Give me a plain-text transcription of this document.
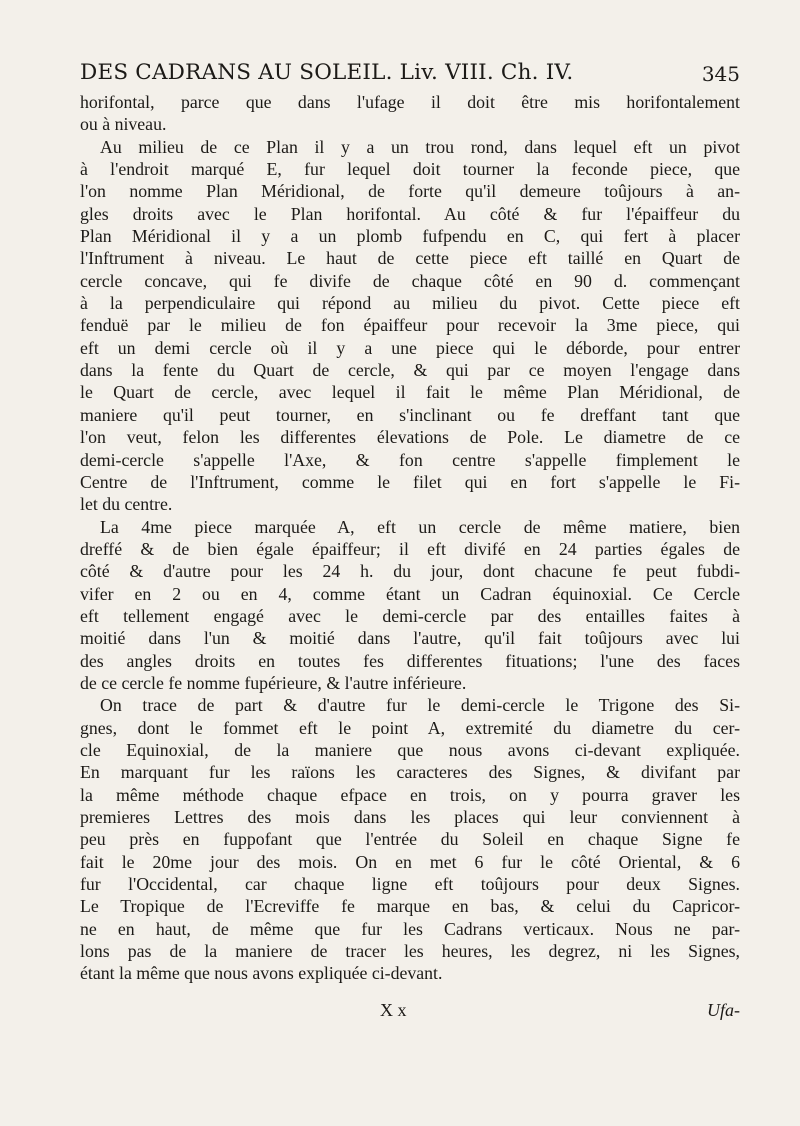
DES CADRANS AU SOLEIL. Liv. VIII. Ch. IV.	345
horifontal, parce que dans l'ufage il doit être mis horifontalement
ou à niveau.
Au milieu de ce Plan il y a un trou rond, dans lequel eft un pivot
à l'endroit marqué E, fur lequel doit tourner la feconde piece, que
l'on nomme Plan Méridional, de forte qu'il demeure toûjours à an-
gles droits avec le Plan horifontal. Au côté & fur l'épaiffeur du
Plan Méridional il y a un plomb fufpendu en C, qui fert à placer
l'Inftrument à niveau. Le haut de cette piece eft taillé en Quart de
cercle concave, qui fe divife de chaque côté en 90 d. commençant
à la perpendiculaire qui répond au milieu du pivot. Cette piece eft
fenduë par le milieu de fon épaiffeur pour recevoir la 3me piece, qui
eft un demi cercle où il y a une piece qui le déborde, pour entrer
dans la fente du Quart de cercle, & qui par ce moyen l'engage dans
le Quart de cercle, avec lequel il fait le même Plan Méridional, de
maniere qu'il peut tourner, en s'inclinant ou fe dreffant tant que
l'on veut, felon les differentes élevations de Pole. Le diametre de ce
demi-cercle s'appelle l'Axe, & fon centre s'appelle fimplement le
Centre de l'Inftrument, comme le filet qui en fort s'appelle le Fi-
let du centre.
La 4me piece marquée A, eft un cercle de même matiere, bien
dreffé & de bien égale épaiffeur; il eft divifé en 24 parties égales de
côté & d'autre pour les 24 h. du jour, dont chacune fe peut fubdi-
vifer en 2 ou en 4, comme étant un Cadran équinoxial. Ce Cercle
eft tellement engagé avec le demi-cercle par des entailles faites à
moitié dans l'un & moitié dans l'autre, qu'il fait toûjours avec lui
des angles droits en toutes fes differentes fituations; l'une des faces
de ce cercle fe nomme fupérieure, & l'autre inférieure.
On trace de part & d'autre fur le demi-cercle le Trigone des Si-
gnes, dont le fommet eft le point A, extremité du diametre du cer-
cle Equinoxial, de la maniere que nous avons ci-devant expliquée.
En marquant fur les raïons les caracteres des Signes, & divifant par
la même méthode chaque efpace en trois, on y pourra graver les
premieres Lettres des mois dans les places qui leur conviennent à
peu près en fuppofant que l'entrée du Soleil en chaque Signe fe
fait le 20me jour des mois. On en met 6 fur le côté Oriental, & 6
fur l'Occidental, car chaque ligne eft toûjours pour deux Signes.
Le Tropique de l'Ecreviffe fe marque en bas, & celui du Capricor-
ne en haut, de même que fur les Cadrans verticaux. Nous ne par-
lons pas de la maniere de tracer les heures, les degrez, ni les Signes,
étant la même que nous avons expliquée ci-devant.
X x	Ufa-
